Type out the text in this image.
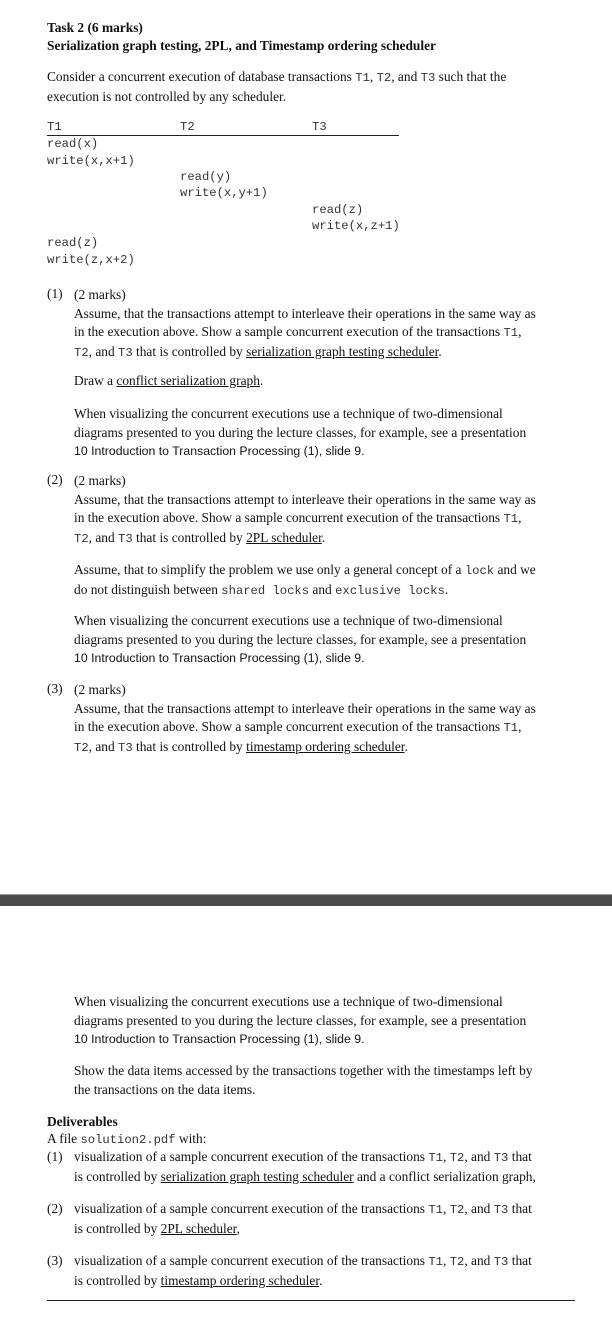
Task 2 (6 marks)
Serialization graph testing, 2PL, and Timestamp ordering scheduler
Consider a concurrent execution of database transactions T1, T2, and T3 such that the
execution is not controlled by any scheduler.
T1	T2	T3
read(x)
write(x,x+1)
read(y)
write(x,y+1)
read(z)
write(x,z+1)
read(z)
write(z,x+2)
(1) (2 marks)
Assume, that the transactions attempt to interleave their operations in the same way as
in the execution above. Show a sample concurrent execution of the transactions T1,
T2, and T3 that is controlled by serialization graph testing scheduler.
Draw a conflict serialization graph.
When visualizing the concurrent executions use a technique of two-dimensional
diagrams presented to you during the lecture classes, for example, see a presentation
10 Introduction to Transaction Processing (1), slide 9.
(2) (2 marks)
Assume, that the transactions attempt to interleave their operations in the same way as
in the execution above. Show a sample concurrent execution of the transactions T1,
T2, and T3 that is controlled by 2PL scheduler.
Assume, that to simplify the problem we use only a general concept of a lock and we
do not distinguish between shared locks and exclusive locks.
When visualizing the concurrent executions use a technique of two-dimensional
diagrams presented to you during the lecture classes, for example, see a presentation
10 Introduction to Transaction Processing (1), slide 9.
(3) (2 marks)
Assume, that the transactions attempt to interleave their operations in the same way as
in the execution above. Show a sample concurrent execution of the transactions T1,
T2, and T3 that is controlled by timestamp ordering scheduler.
When visualizing the concurrent executions use a technique of two-dimensional
diagrams presented to you during the lecture classes, for example, see a presentation
10 Introduction to Transaction Processing (1), slide 9.
Show the data items accessed by the transactions together with the timestamps left by
the transactions on the data items.
Deliverables
A file solution2.pdf with:
(1) visualization of a sample concurrent execution of the transactions T1, T2, and T3 that
is controlled by serialization graph testing scheduler and a conflict serialization graph,
(2) visualization of a sample concurrent execution of the transactions T1, T2, and T3 that
is controlled by 2PL scheduler,
(3) visualization of a sample concurrent execution of the transactions T1, T2, and T3 that
is controlled by timestamp ordering scheduler.
